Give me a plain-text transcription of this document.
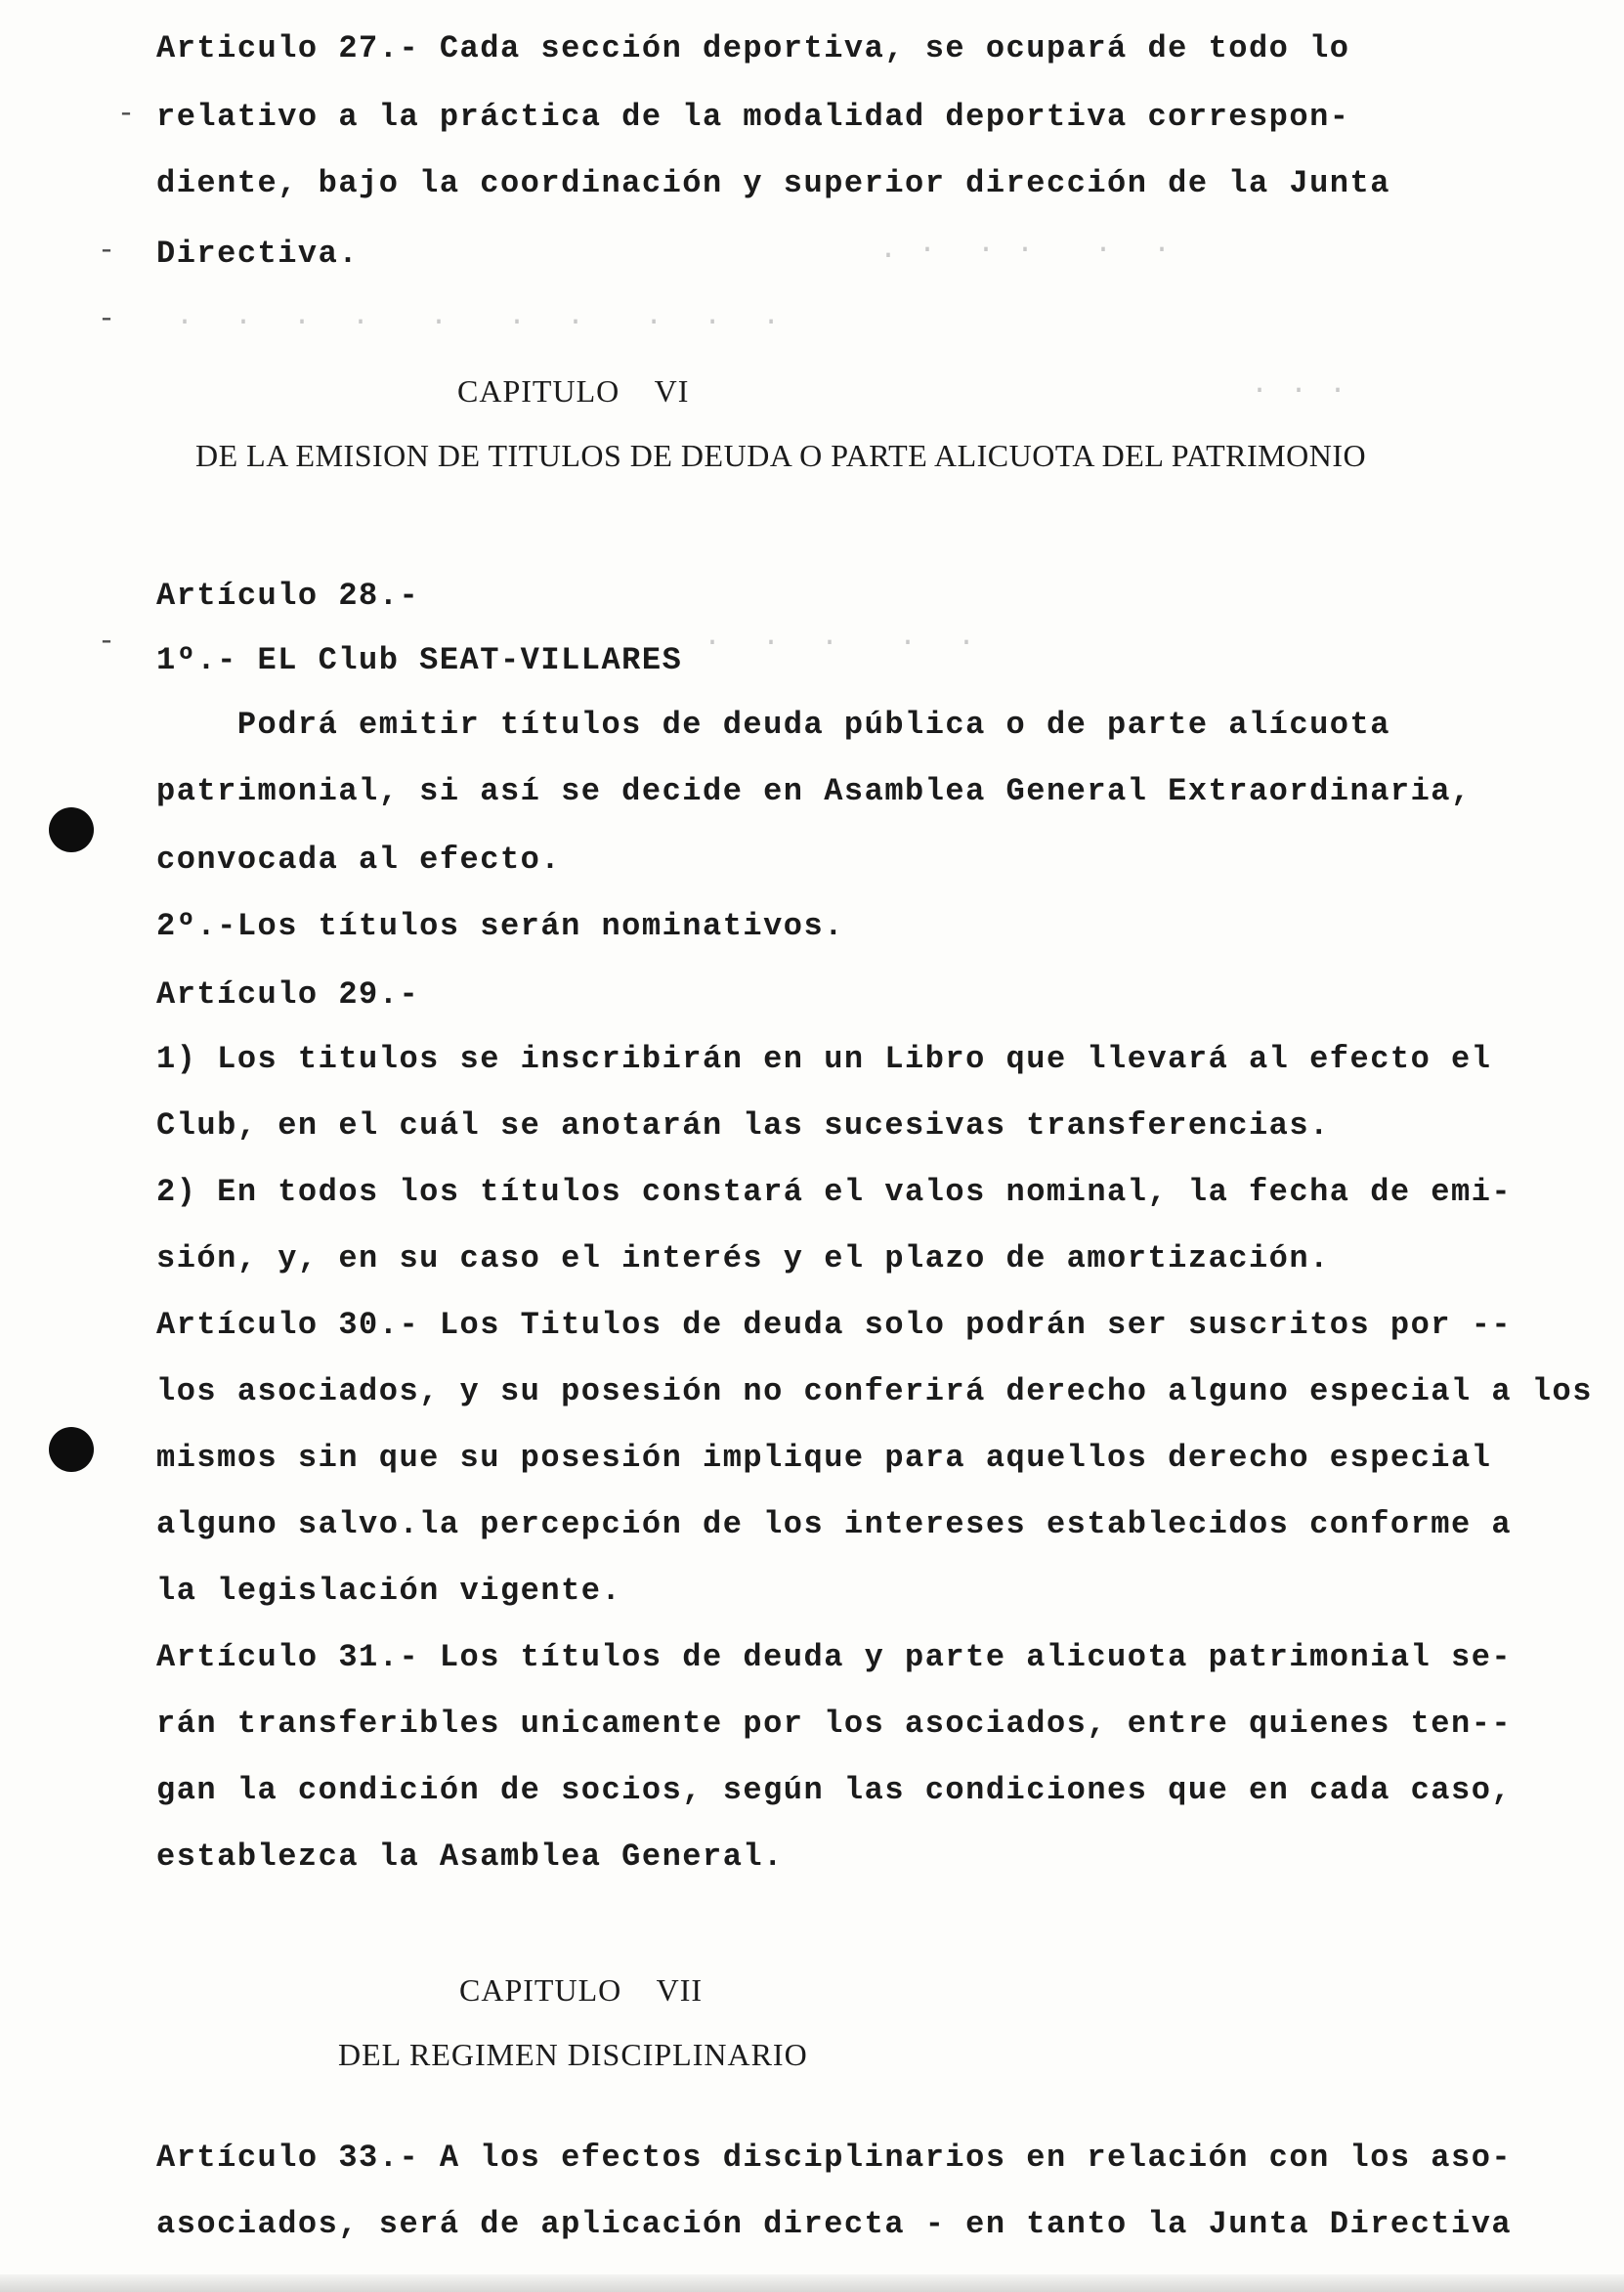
. ·  · ·   ·  ·
·  ·  ·  ·   ·   ·  ·   ·  ·  ·
· · ·
·  ·  ·   ·  ·
-
-
-
-
Articulo 27.- Cada sección deportiva, se ocupará de todo lo
relativo a la práctica de la modalidad deportiva correspon-
diente, bajo la coordinación y superior dirección de la Junta
Directiva.
CAPITULO    VI
DE LA EMISION DE TITULOS DE DEUDA O PARTE ALICUOTA DEL PATRIMONIO
Artículo 28.-
1º.- EL Club SEAT-VILLARES
Podrá emitir títulos de deuda pública o de parte alícuota
patrimonial, si así se decide en Asamblea General Extraordinaria,
convocada al efecto.
2º.-Los títulos serán nominativos.
Artículo 29.-
1) Los titulos se inscribirán en un Libro que llevará al efecto el
Club, en el cuál se anotarán las sucesivas transferencias.
2) En todos los títulos constará el valos nominal, la fecha de emi-
sión, y, en su caso el interés y el plazo de amortización.
Artículo 30.- Los Titulos de deuda solo podrán ser suscritos por --
los asociados, y su posesión no conferirá derecho alguno especial a los
mismos sin que su posesión implique para aquellos derecho especial
alguno salvo.la percepción de los intereses establecidos conforme a
la legislación vigente.
Artículo 31.- Los títulos de deuda y parte alicuota patrimonial se-
rán transferibles unicamente por los asociados, entre quienes ten--
gan la condición de socios, según las condiciones que en cada caso,
establezca la Asamblea General.
CAPITULO    VII
DEL REGIMEN DISCIPLINARIO
Artículo 33.- A los efectos disciplinarios en relación con los aso-
asociados, será de aplicación directa - en tanto la Junta Directiva
